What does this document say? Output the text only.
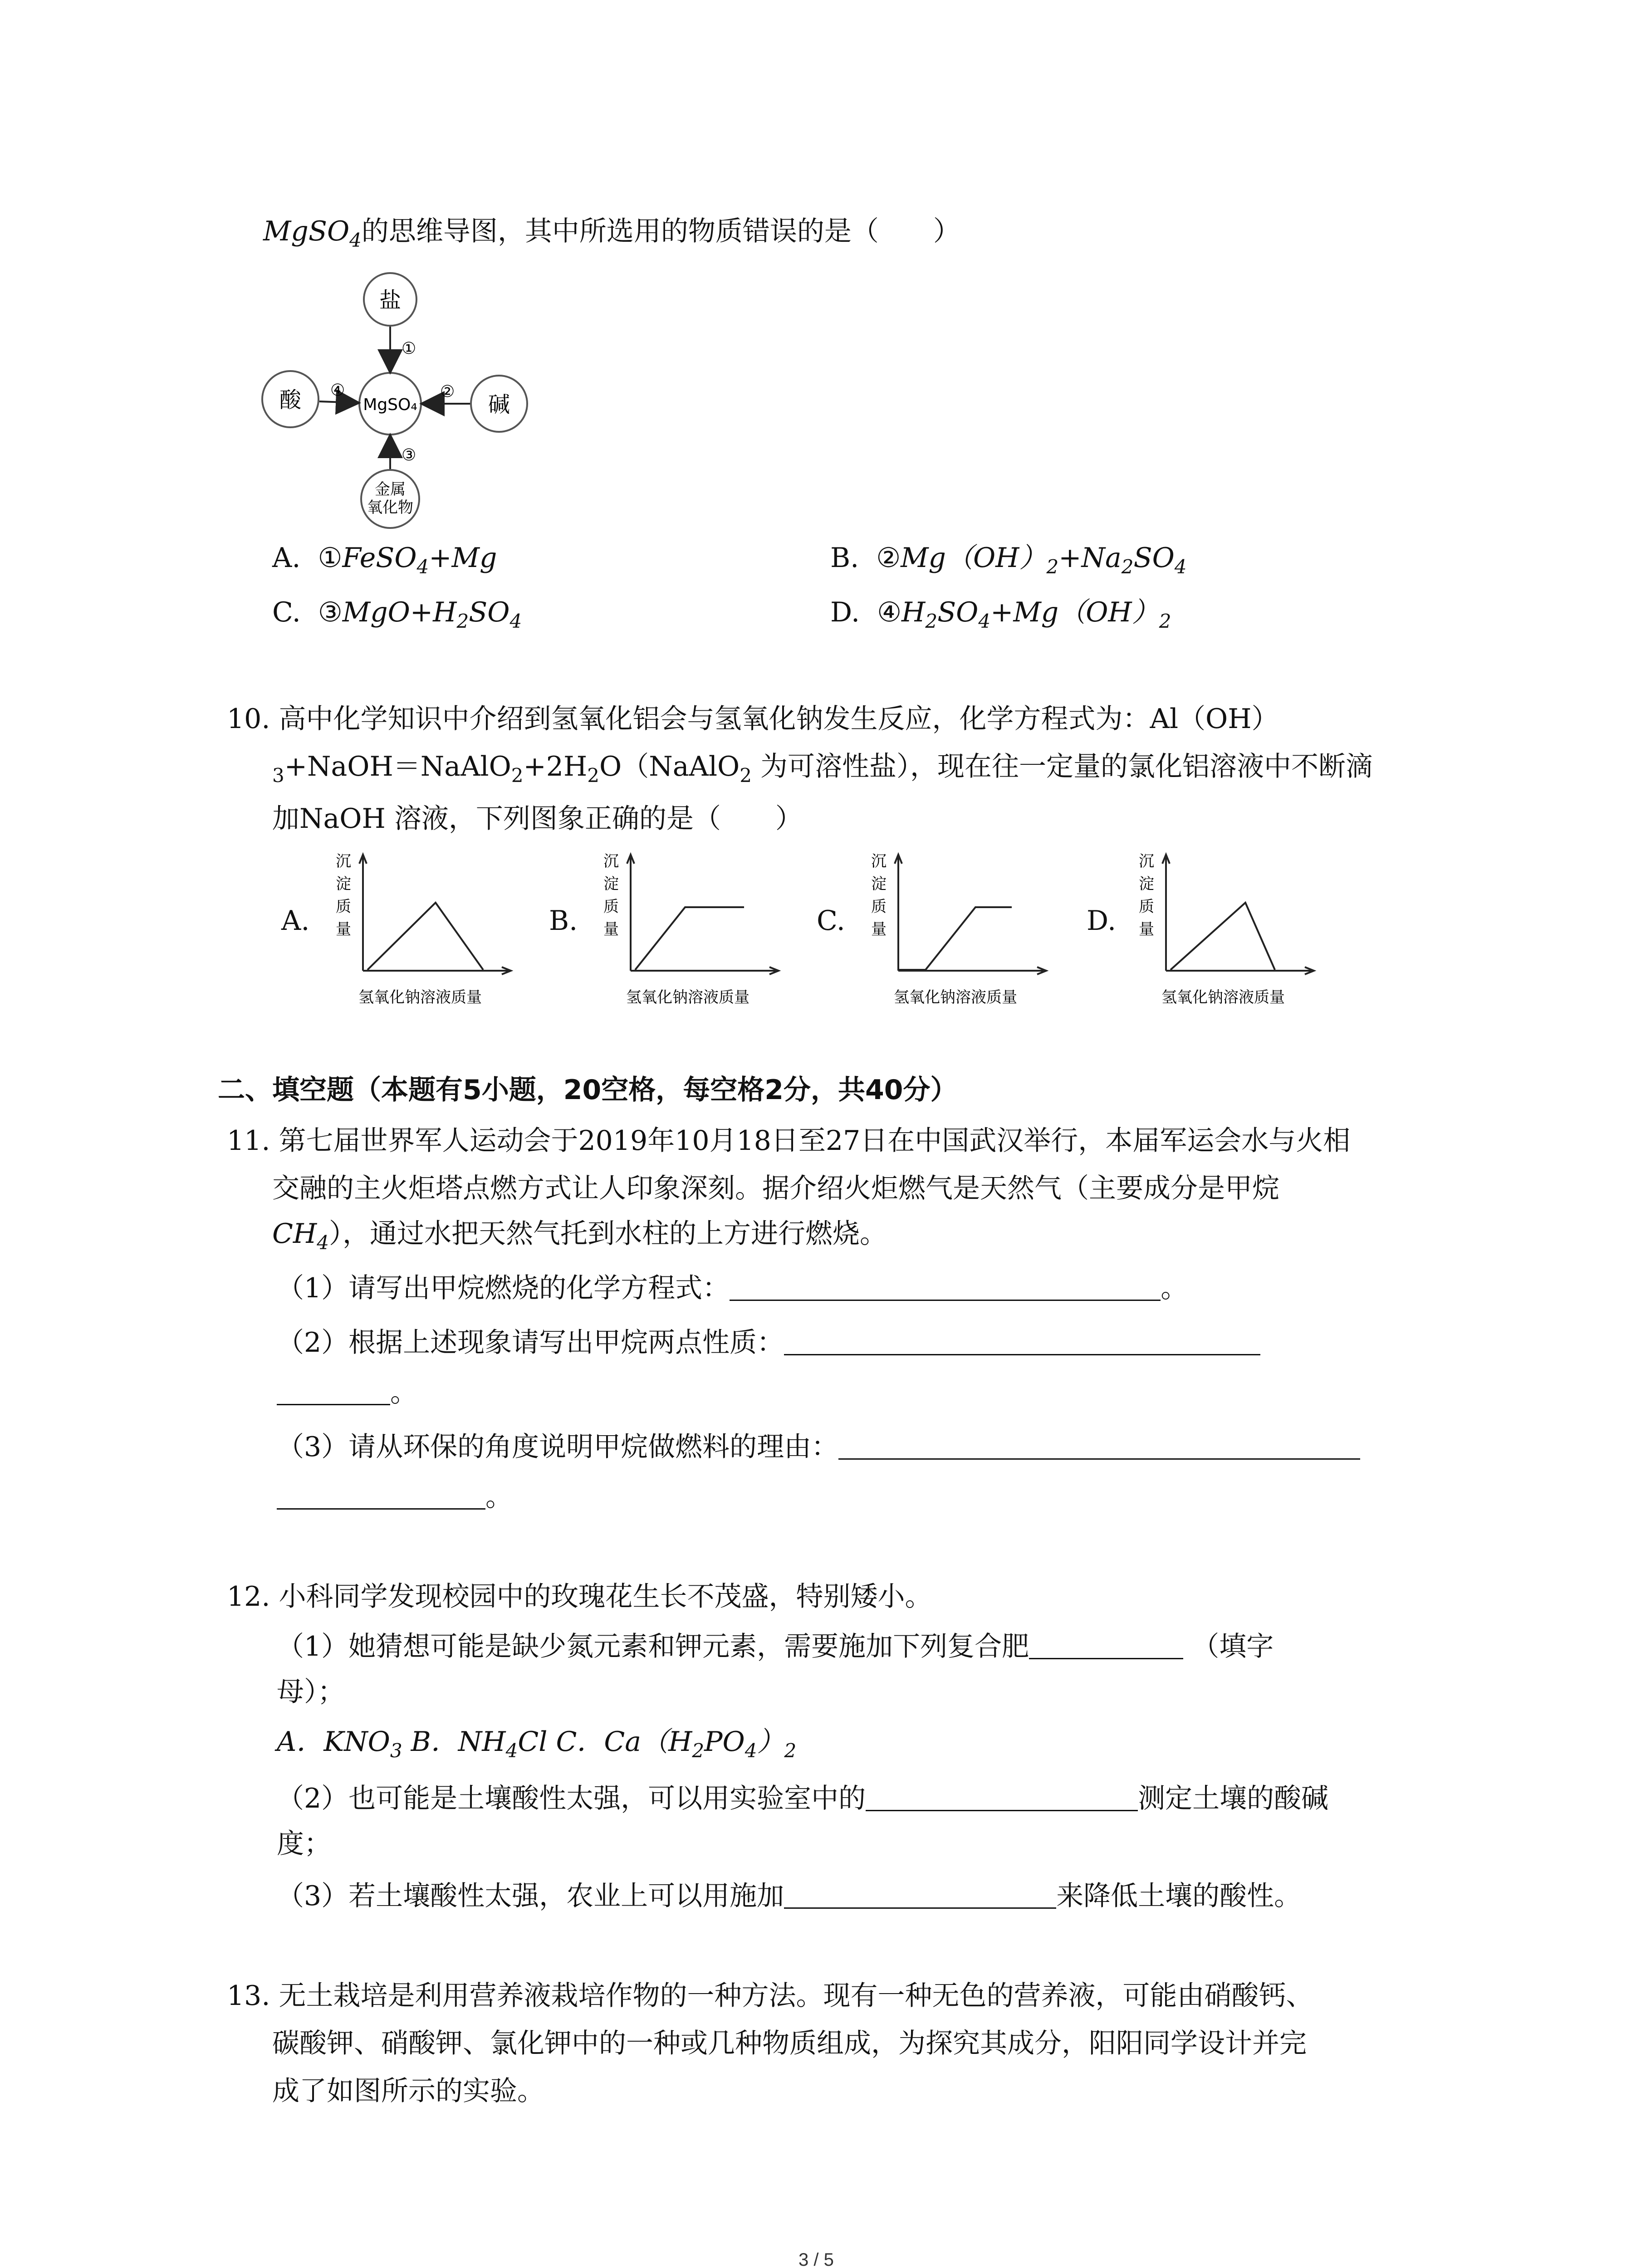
MgSO$_4$的思维导图，其中所选用的物质错误的是（　　）
盐
MgSO₄
酸	碱
金属
氧化物
①
②
③
④
A. ①FeSO$_4$+Mg	B. $②Mg(OH)_2+Na_2SO_4$
C. $③MgO+H_2SO_4$	D. $④H_2SO_4+Mg(OH)_2$
10. 高中化学知识中介绍到氢氧化铝会与氢氧化钠发生反应，化学方程式为：Al（OH）
$_3+NaOH=NaAlO_2+2H_2O(NaAlO_2$ 为可溶性盐），现在往一定量的氯化铝溶液中不断滴
加NaOH 溶液，下列图象正确的是（　　）
A.	B.	C.	D.
沉
淀
质
量
氢氧化钠溶液质量
沉
淀
质
量
氢氧化钠溶液质量
沉
淀
质
量
氢氧化钠溶液质量
沉
淀
质
量
氢氧化钠溶液质量
二、填空题（本题有5小题，20空格，每空格2分，共40分）
11. 第七届世界军人运动会于2019年10月18日至27日在中国武汉举行，本届军运会水与火相
交融的主火炬塔点燃方式让人印象深刻。据介绍火炬燃气是天然气（主要成分是甲烷
$CH_4$），通过水把天然气托到水柱的上方进行燃烧。
（1）请写出甲烷燃烧的化学方程式：	。
（2）根据上述现象请写出甲烷两点性质：
。
（3）请从环保的角度说明甲烷做燃料的理由：
。
12. 小科同学发现校园中的玫瑰花生长不茂盛，特别矮小。
（1）她猜想可能是缺少氮元素和钾元素，需要施加下列复合肥	（填字
母）；
A．$KNO_3$ B．$NH_4Cl$ C．$Ca(H_2PO_4)_2$
（2）也可能是土壤酸性太强，可以用实验室中的	测定土壤的酸碱
度；
（3）若土壤酸性太强，农业上可以用施加	来降低土壤的酸性。
13. 无土栽培是利用营养液栽培作物的一种方法。现有一种无色的营养液，可能由硝酸钙、
碳酸钾、硝酸钾、氯化钾中的一种或几种物质组成，为探究其成分，阳阳同学设计并完
成了如图所示的实验。
3 / 5
